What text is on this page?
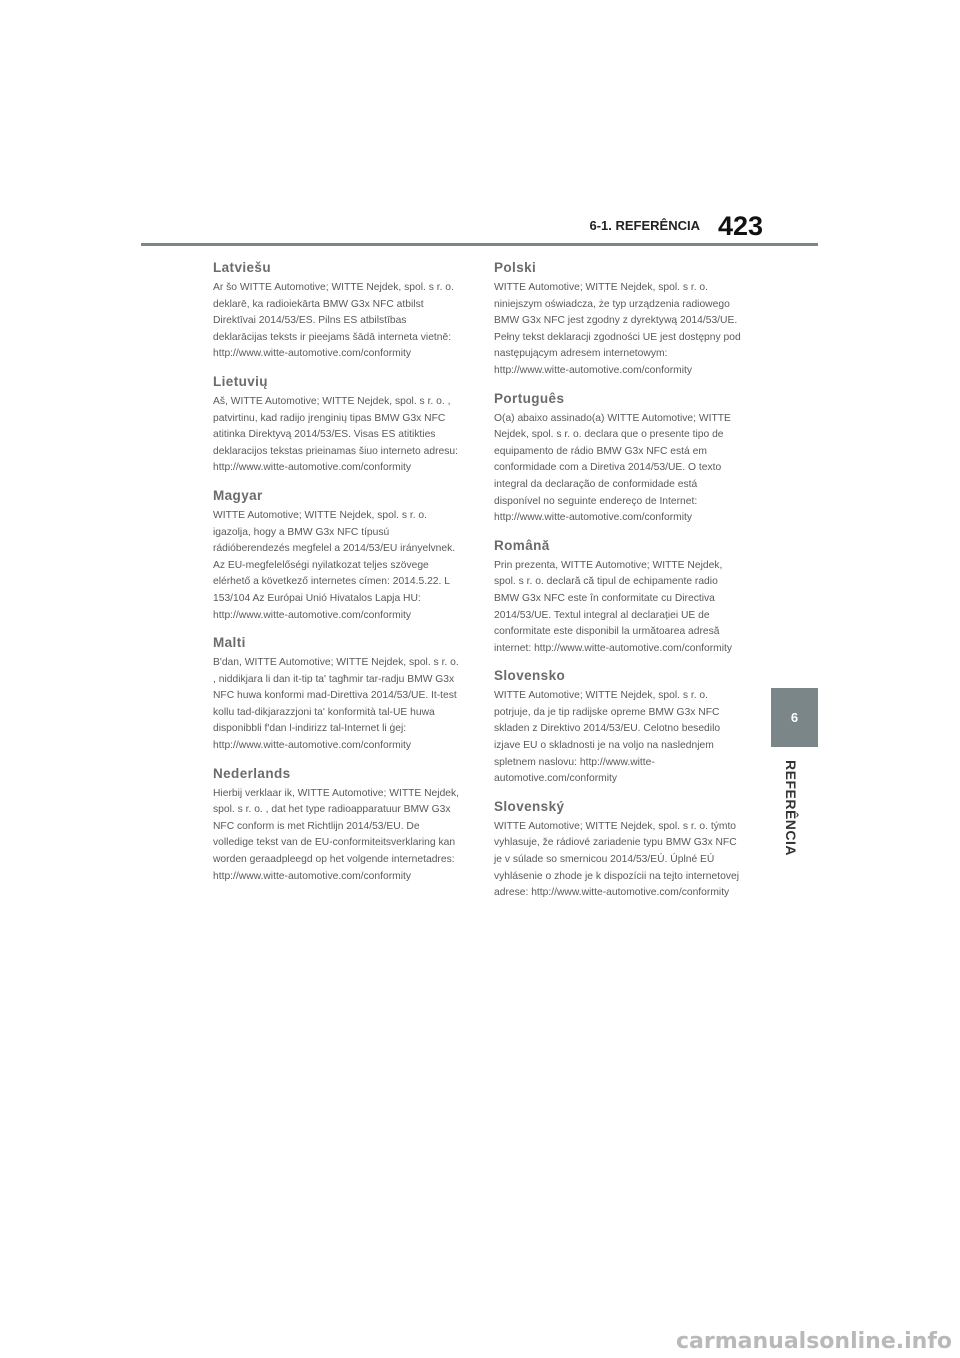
6-1. REFERÊNCIA 423
Latviešu

Ar šo WITTE Automotive; WITTE Nejdek, spol. s r. o. deklarē, ka radioiekārta BMW G3x NFC atbilst Direktīvai 2014/53/ES. Pilns ES atbilstības deklarācijas teksts ir pieejams šādā interneta vietnē: http://www.witte-automotive.com/conformity

Lietuvių

Aš, WITTE Automotive; WITTE Nejdek, spol. s r. o. , patvirtinu, kad radijo įrenginių tipas BMW G3x NFC atitinka Direktyvą 2014/53/ES. Visas ES atitikties deklaracijos tekstas prieinamas šiuo interneto adresu: http://www.witte-automotive.com/conformity

Magyar

WITTE Automotive; WITTE Nejdek, spol. s r. o. igazolja, hogy a BMW G3x NFC típusú rádióberendezés megfelel a 2014/53/EU irányelvnek. Az EU-megfelelőségi nyilatkozat teljes szövege elérhető a következő internetes címen: 2014.5.22. L 153/104 Az Európai Unió Hivatalos Lapja HU: http://www.witte-automotive.com/conformity

Malti

B'dan, WITTE Automotive; WITTE Nejdek, spol. s r. o. , niddikjara li dan it-tip ta' tagħmir tar-radju BMW G3x NFC huwa konformi mad-Direttiva 2014/53/UE. It-test kollu tad-dikjarazzjoni ta' konformità tal-UE huwa disponibbli f'dan l-indirizz tal-Internet li ġej: http://www.witte-automotive.com/conformity

Nederlands

Hierbij verklaar ik, WITTE Automotive; WITTE Nejdek, spol. s r. o. , dat het type radioapparatuur BMW G3x NFC conform is met Richtlijn 2014/53/EU. De volledige tekst van de EU-conformiteitsverklaring kan worden geraadpleegd op het volgende internetadres: http://www.witte-automotive.com/conformity

Polski

WITTE Automotive; WITTE Nejdek, spol. s r. o. niniejszym oświadcza, że typ urządzenia radiowego BMW G3x NFC jest zgodny z dyrektywą 2014/53/UE. Pełny tekst deklaracji zgodności UE jest dostępny pod następującym adresem internetowym: http://www.witte-automotive.com/conformity

Português

O(a) abaixo assinado(a) WITTE Automotive; WITTE Nejdek, spol. s r. o. declara que o presente tipo de equipamento de rádio BMW G3x NFC está em conformidade com a Diretiva 2014/53/UE. O texto integral da declaração de conformidade está disponível no seguinte endereço de Internet: http://www.witte-automotive.com/conformity

Română

Prin prezenta, WITTE Automotive; WITTE Nejdek, spol. s r. o. declară că tipul de echipamente radio BMW G3x NFC este în conformitate cu Directiva 2014/53/UE. Textul integral al declarației UE de conformitate este disponibil la următoarea adresă internet: http://www.witte-automotive.com/conformity

Slovensko

WITTE Automotive; WITTE Nejdek, spol. s r. o. potrjuje, da je tip radijske opreme BMW G3x NFC skladen z Direktivo 2014/53/EU. Celotno besedilo izjave EU o skladnosti je na voljo na naslednjem spletnem naslovu: http://www.witte-automotive.com/conformity

Slovenský

WITTE Automotive; WITTE Nejdek, spol. s r. o. týmto vyhlasuje, že rádiové zariadenie typu BMW G3x NFC je v súlade so smernicou 2014/53/EÚ. Úplné EÚ vyhlásenie o zhode je k dispozícii na tejto internetovej adrese: http://www.witte-automotive.com/conformity

6
REFERÊNCIA
carmanualsonline.info
